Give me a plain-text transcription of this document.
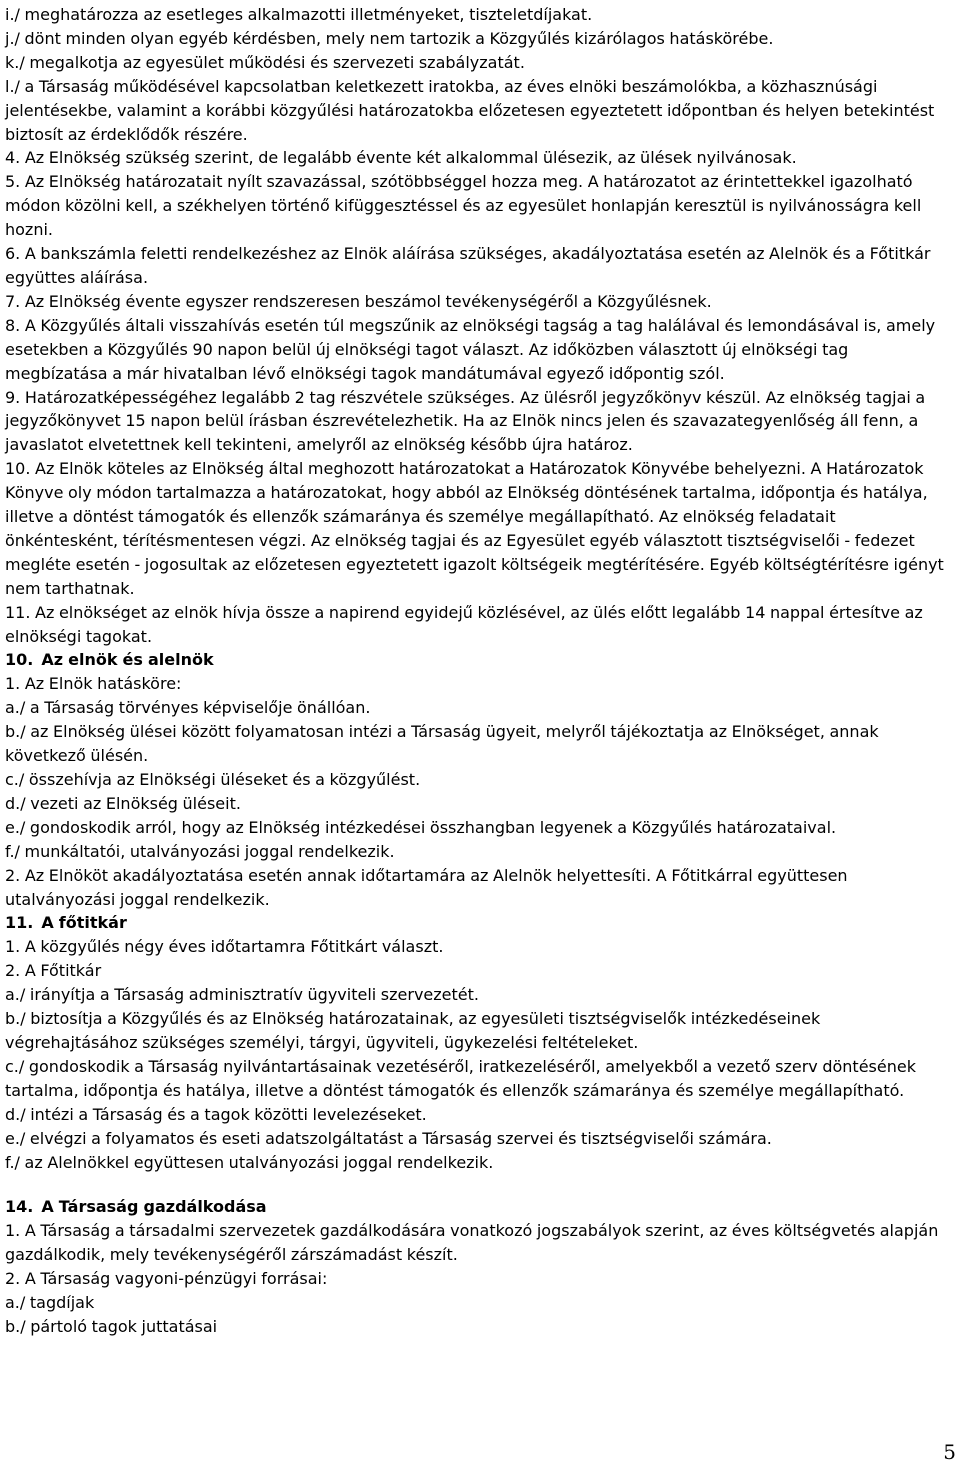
i./ meghatározza az esetleges alkalmazotti illetményeket, tiszteletdíjakat.

j./ dönt minden olyan egyéb kérdésben, mely nem tartozik a Közgyűlés kizárólagos hatáskörébe.

k./ megalkotja az egyesület működési és szervezeti szabályzatát.

l./ a Társaság működésével kapcsolatban keletkezett iratokba, az éves elnöki beszámolókba, a közhasznúsági jelentésekbe, valamint a korábbi közgyűlési határozatokba előzetesen egyeztetett időpontban és helyen betekintést biztosít az érdeklődők részére.

4. Az Elnökség szükség szerint, de legalább évente két alkalommal ülésezik, az ülések nyilvánosak.

5. Az Elnökség határozatait nyílt szavazással, szótöbbséggel hozza meg. A határozatot az érintettekkel igazolható módon közölni kell, a székhelyen történő kifüggesztéssel és az egyesület honlapján keresztül is nyilvánosságra kell hozni.

6. A bankszámla feletti rendelkezéshez az Elnök aláírása szükséges, akadályoztatása esetén az Alelnök és a Főtitkár együttes aláírása.

7. Az Elnökség évente egyszer rendszeresen beszámol tevékenységéről a Közgyűlésnek.

8. A Közgyűlés általi visszahívás esetén túl megszűnik az elnökségi tagság a tag halálával és lemondásával is, amely esetekben a Közgyűlés 90 napon belül új elnökségi tagot választ. Az időközben választott új elnökségi tag megbízatása a már hivatalban lévő elnökségi tagok mandátumával egyező időpontig szól.

9. Határozatképességéhez legalább 2 tag részvétele szükséges. Az ülésről jegyzőkönyv készül. Az elnökség tagjai a jegyzőkönyvet 15 napon belül írásban észrevételezhetik. Ha az Elnök nincs jelen és szavazategyenlőség áll fenn, a javaslatot elvetettnek kell tekinteni, amelyről az elnökség később újra határoz.

10. Az Elnök köteles az Elnökség által meghozott határozatokat a Határozatok Könyvébe behelyezni. A Határozatok Könyve oly módon tartalmazza a határozatokat, hogy abból az Elnökség döntésének tartalma, időpontja és hatálya, illetve a döntést támogatók és ellenzők számaránya és személye megállapítható. Az elnökség feladatait önkéntesként, térítésmentesen végzi. Az elnökség tagjai és az Egyesület egyéb választott tisztségviselői - fedezet megléte esetén - jogosultak az előzetesen egyeztetett igazolt költségeik megtérítésére. Egyéb költségtérítésre igényt nem tarthatnak.

11. Az elnökséget az elnök hívja össze a napirend egyidejű közlésével, az ülés előtt legalább 14 nappal értesítve az elnökségi tagokat.

10. Az elnök és alelnök

1. Az Elnök hatásköre:

a./ a Társaság törvényes képviselője önállóan.

b./ az Elnökség ülései között folyamatosan intézi a Társaság ügyeit, melyről tájékoztatja az Elnökséget, annak következő ülésén.

c./ összehívja az Elnökségi üléseket és a közgyűlést.

d./ vezeti az Elnökség üléseit.

e./ gondoskodik arról, hogy az Elnökség intézkedései összhangban legyenek a Közgyűlés határozataival.

f./ munkáltatói, utalványozási joggal rendelkezik.

2. Az Elnököt akadályoztatása esetén annak időtartamára az Alelnök helyettesíti. A Főtitkárral együttesen utalványozási joggal rendelkezik.

11. A főtitkár

1. A közgyűlés négy éves időtartamra Főtitkárt választ.

2. A Főtitkár

a./ irányítja a Társaság adminisztratív ügyviteli szervezetét.

b./ biztosítja a Közgyűlés és az Elnökség határozatainak, az egyesületi tisztségviselők intézkedéseinek végrehajtásához szükséges személyi, tárgyi, ügyviteli, ügykezelési feltételeket.

c./ gondoskodik a Társaság nyilvántartásainak vezetéséről, iratkezeléséről, amelyekből a vezető szerv döntésének tartalma, időpontja és hatálya, illetve a döntést támogatók és ellenzők számaránya és személye megállapítható.

d./ intézi a Társaság és a tagok közötti levelezéseket.

e./ elvégzi a folyamatos és eseti adatszolgáltatást a Társaság szervei és tisztségviselői számára.

f./ az Alelnökkel együttesen utalványozási joggal rendelkezik.

14. A Társaság gazdálkodása

1. A Társaság a társadalmi szervezetek gazdálkodására vonatkozó jogszabályok szerint, az éves költségvetés alapján gazdálkodik, mely tevékenységéről zárszámadást készít.

2. A Társaság vagyoni-pénzügyi forrásai:

a./ tagdíjak

b./ pártoló tagok juttatásai

5
